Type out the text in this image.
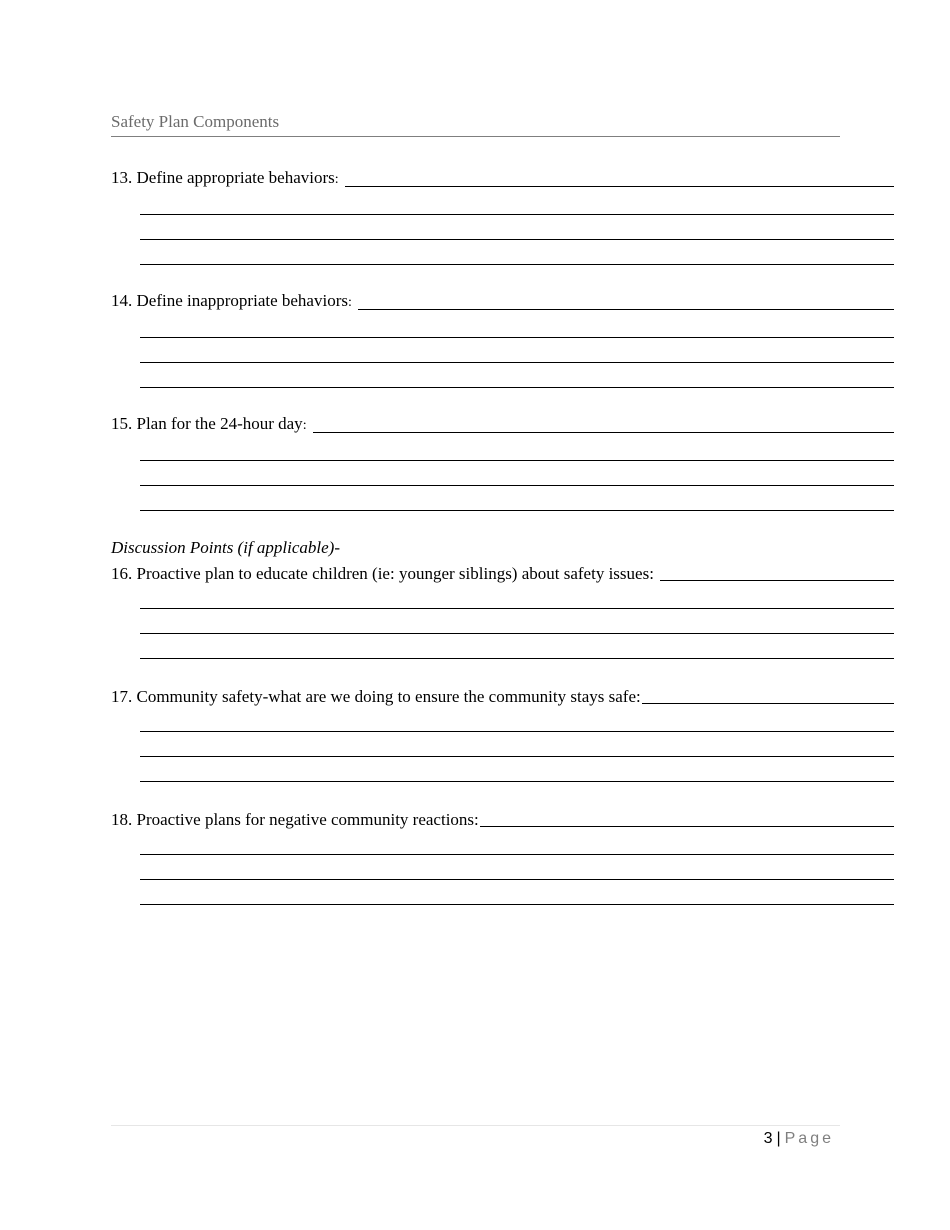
Safety Plan Components
13. Define appropriate behaviors:
14. Define inappropriate behaviors:
15. Plan for the 24-hour day:
Discussion Points (if applicable)-
16. Proactive plan to educate children (ie: younger siblings) about safety issues:
17. Community safety-what are we doing to ensure the community stays safe:
18. Proactive plans for negative community reactions:
3 | Page
